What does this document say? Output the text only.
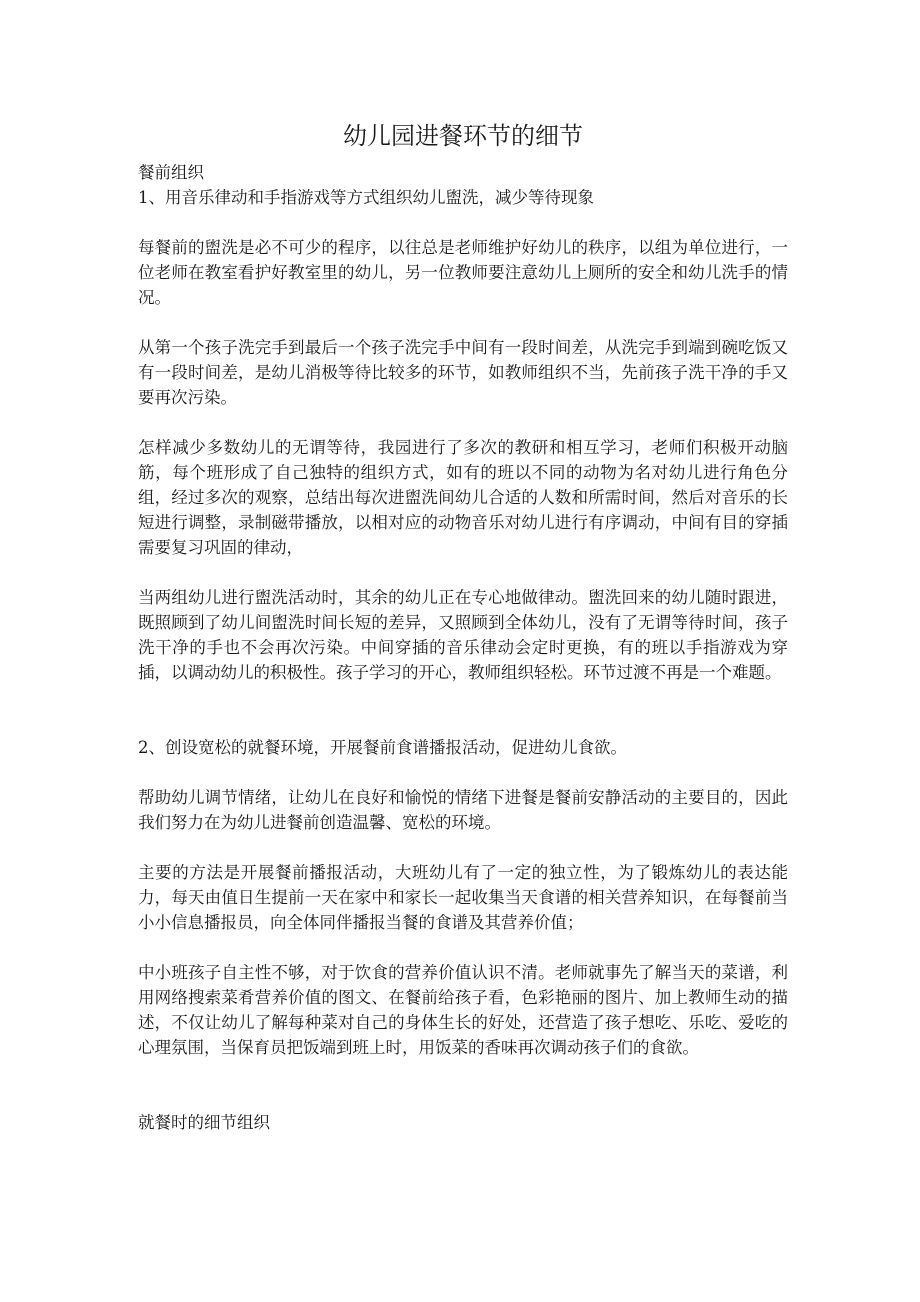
幼儿园进餐环节的细节

餐前组织

1、用音乐律动和手指游戏等方式组织幼儿盥洗，减少等待现象

每餐前的盥洗是必不可少的程序，以往总是老师维护好幼儿的秩序，以组为单位进行，一位老师在教室看护好教室里的幼儿，另一位教师要注意幼儿上厕所的安全和幼儿洗手的情况。

从第一个孩子洗完手到最后一个孩子洗完手中间有一段时间差，从洗完手到端到碗吃饭又有一段时间差，是幼儿消极等待比较多的环节，如教师组织不当，先前孩子洗干净的手又要再次污染。

怎样减少多数幼儿的无谓等待，我园进行了多次的教研和相互学习，老师们积极开动脑筋，每个班形成了自己独特的组织方式，如有的班以不同的动物为名对幼儿进行角色分组，经过多次的观察，总结出每次进盥洗间幼儿合适的人数和所需时间，然后对音乐的长短进行调整，录制磁带播放，以相对应的动物音乐对幼儿进行有序调动，中间有目的穿插需要复习巩固的律动，

当两组幼儿进行盥洗活动时，其余的幼儿正在专心地做律动。盥洗回来的幼儿随时跟进，既照顾到了幼儿间盥洗时间长短的差异，又照顾到全体幼儿，没有了无谓等待时间，孩子洗干净的手也不会再次污染。中间穿插的音乐律动会定时更换，有的班以手指游戏为穿插，以调动幼儿的积极性。孩子学习的开心，教师组织轻松。环节过渡不再是一个难题。

2、创设宽松的就餐环境，开展餐前食谱播报活动，促进幼儿食欲。

帮助幼儿调节情绪，让幼儿在良好和愉悦的情绪下进餐是餐前安静活动的主要目的，因此我们努力在为幼儿进餐前创造温馨、宽松的环境。

主要的方法是开展餐前播报活动，大班幼儿有了一定的独立性，为了锻炼幼儿的表达能力，每天由值日生提前一天在家中和家长一起收集当天食谱的相关营养知识，在每餐前当小小信息播报员，向全体同伴播报当餐的食谱及其营养价值；

中小班孩子自主性不够，对于饮食的营养价值认识不清。老师就事先了解当天的菜谱，利用网络搜索菜肴营养价值的图文、在餐前给孩子看，色彩艳丽的图片、加上教师生动的描述，不仅让幼儿了解每种菜对自己的身体生长的好处，还营造了孩子想吃、乐吃、爱吃的心理氛围，当保育员把饭端到班上时，用饭菜的香味再次调动孩子们的食欲。

就餐时的细节组织
